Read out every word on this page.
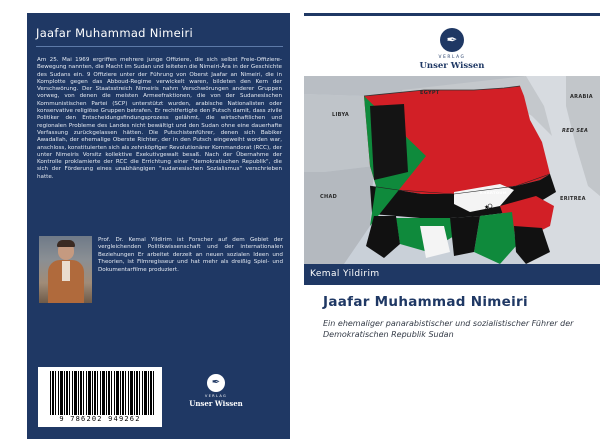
Jaafar Muhammad Nimeiri

Am 25. Mai 1969 ergriffen mehrere junge Offiziere, die sich selbst Freie-Offiziere-Bewegung nannten, die Macht im Sudan und leiteten die Nimeiri-Ära in der Geschichte des Sudans ein. 9 Offiziere unter der Führung von Oberst Jaafar an Nimeiri, die in Komplotte gegen das Abboud-Regime verwickelt waren, bildeten den Kern der Verschwörung. Der Staatsstreich Nimeiris nahm Verschwörungen anderer Gruppen vorweg, von denen die meisten Armeefraktionen, die von der Sudanesischen Kommunistischen Partei (SCP) unterstützt wurden, arabische Nationalisten oder konservative religiöse Gruppen betrafen. Er rechtfertigte den Putsch damit, dass zivile Politiker den Entscheidungsfindungsprozess gelähmt, die wirtschaftlichen und regionalen Probleme des Landes nicht bewältigt und den Sudan ohne eine dauerhafte Verfassung zurückgelassen hätten. Die Putschistenführer, denen sich Babiker Awadallah, der ehemalige Oberste Richter, der in den Putsch eingeweiht worden war, anschloss, konstituierten sich als zehnköpfiger Revolutionärer Kommandorat (RCC), der unter Nimeiris Vorsitz kollektive Exekutivgewalt besaß. Nach der Übernahme der Kontrolle proklamierte der RCC die Errichtung einer "demokratischen Republik", die sich der Förderung eines unabhängigen "sudanesischen Sozialismus" verschrieben hatte.

Prof. Dr. Kemal Yildirim ist Forscher auf dem Gebiet der vergleichenden Politikwissenschaft und der internationalen Beziehungen Er arbeitet derzeit an neuen sozialen Ideen und Theorien, ist Filmregisseur und hat mehr als dreißig Spiel- und Dokumentarfilme produziert.

9 786202 949262
✒
VERLAG
Unser Wissen
✒
VERLAG
Unser Wissen
★
EGYPT
LIBYA
ARABIA
RED SEA
CHAD	ERITREA
KHARTOUM
Kemal Yildirim
Jaafar Muhammad Nimeiri

Ein ehemaliger panarabistischer und sozialistischer Führer der Demokratischen Republik Sudan
